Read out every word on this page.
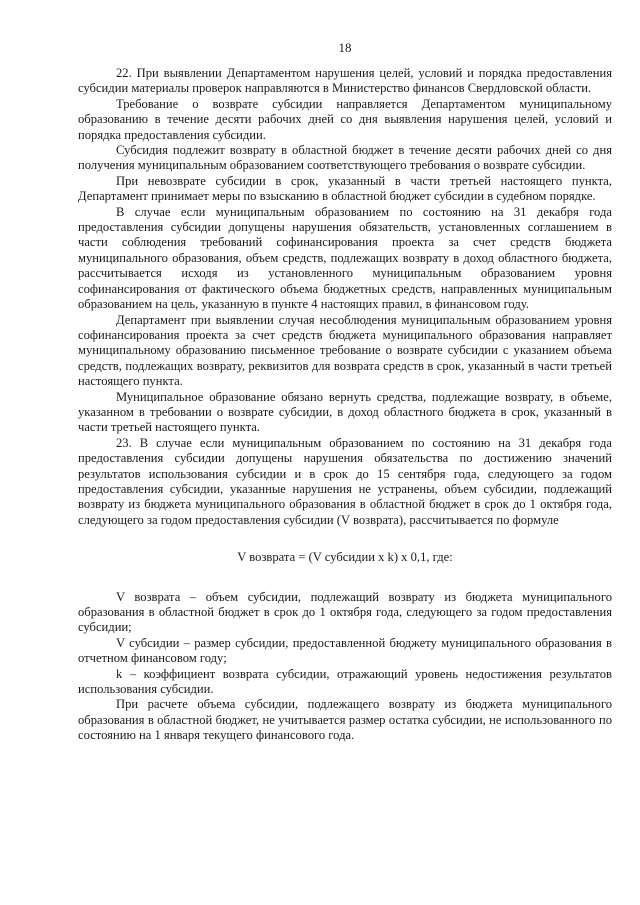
18

22. При выявлении Департаментом нарушения целей, условий и порядка предоставления субсидии материалы проверок направляются в Министерство финансов Свердловской области.

Требование о возврате субсидии направляется Департаментом муниципальному образованию в течение десяти рабочих дней со дня выявления нарушения целей, условий и порядка предоставления субсидии.

Субсидия подлежит возврату в областной бюджет в течение десяти рабочих дней со дня получения муниципальным образованием соответствующего требования о возврате субсидии.

При невозврате субсидии в срок, указанный в части третьей настоящего пункта, Департамент принимает меры по взысканию в областной бюджет субсидии в судебном порядке.

В случае если муниципальным образованием по состоянию на 31 декабря года предоставления субсидии допущены нарушения обязательств, установленных соглашением в части соблюдения требований софинансирования проекта за счет средств бюджета муниципального образования, объем средств, подлежащих возврату в доход областного бюджета, рассчитывается исходя из установленного муниципальным образованием уровня софинансирования от фактического объема бюджетных средств, направленных муниципальным образованием на цель, указанную в пункте 4 настоящих правил, в финансовом году.

Департамент при выявлении случая несоблюдения муниципальным образованием уровня софинансирования проекта за счет средств бюджета муниципального образования направляет муниципальному образованию письменное требование о возврате субсидии с указанием объема средств, подлежащих возврату, реквизитов для возврата средств в срок, указанный в части третьей настоящего пункта.

Муниципальное образование обязано вернуть средства, подлежащие возврату, в объеме, указанном в требовании о возврате субсидии, в доход областного бюджета в срок, указанный в части третьей настоящего пункта.

23. В случае если муниципальным образованием по состоянию на 31 декабря года предоставления субсидии допущены нарушения обязательства по достижению значений результатов использования субсидии и в срок до 15 сентября года, следующего за годом предоставления субсидии, указанные нарушения не устранены, объем субсидии, подлежащий возврату из бюджета муниципального образования в областной бюджет в срок до 1 октября года, следующего за годом предоставления субсидии (V возврата), рассчитывается по формуле

V возврата = (V субсидии x k) x 0,1, где:

V возврата – объем субсидии, подлежащий возврату из бюджета муниципального образования в областной бюджет в срок до 1 октября года, следующего за годом предоставления субсидии;

V субсидии – размер субсидии, предоставленной бюджету муниципального образования в отчетном финансовом году;

k – коэффициент возврата субсидии, отражающий уровень недостижения результатов использования субсидии.

При расчете объема субсидии, подлежащего возврату из бюджета муниципального образования в областной бюджет, не учитывается размер остатка субсидии, не использованного по состоянию на 1 января текущего финансового года.
